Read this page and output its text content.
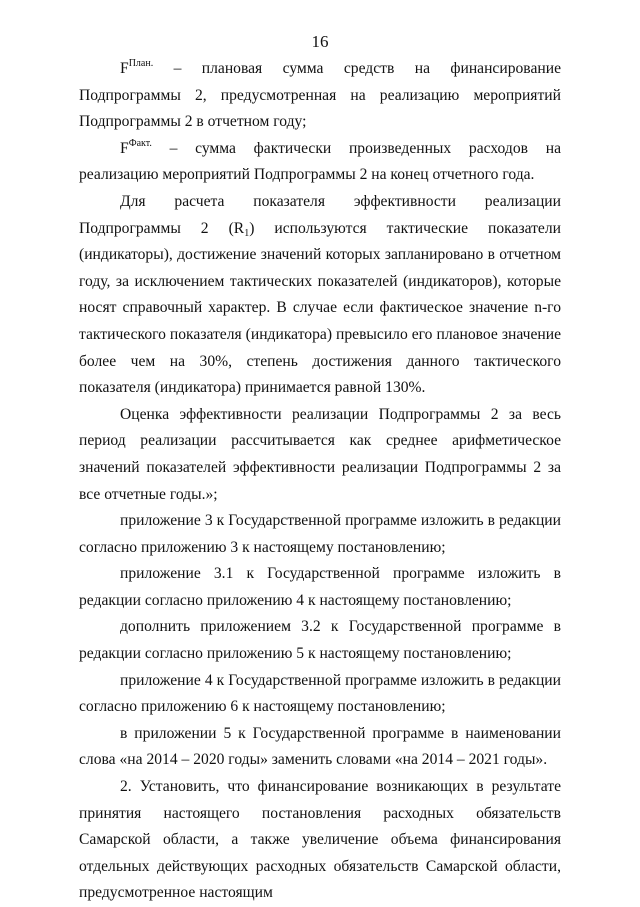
16

$F^{План.}$ – плановая сумма средств на финансирование Подпрограммы 2, предусмотренная на реализацию мероприятий Подпрограммы 2 в отчетном году;

$F^{Факт.}$ – сумма фактически произведенных расходов на реализацию мероприятий Подпрограммы 2 на конец отчетного года.

Для расчета показателя эффективности реализации Подпрограммы 2 $(R_1)$ используются тактические показатели (индикаторы), достижение значений которых запланировано в отчетном году, за исключением тактических показателей (индикаторов), которые носят справочный характер. В случае если фактическое значение n-го тактического показателя (индикатора) превысило его плановое значение более чем на 30%, степень достижения данного тактического показателя (индикатора) принимается равной 130%.

Оценка эффективности реализации Подпрограммы 2 за весь период реализации рассчитывается как среднее арифметическое значений показателей эффективности реализации Подпрограммы 2 за все отчетные годы.»;

приложение 3 к Государственной программе изложить в редакции согласно приложению 3 к настоящему постановлению;

приложение 3.1 к Государственной программе изложить в редакции согласно приложению 4 к настоящему постановлению;

дополнить приложением 3.2 к Государственной программе в редакции согласно приложению 5 к настоящему постановлению;

приложение 4 к Государственной программе изложить в редакции согласно приложению 6 к настоящему постановлению;

в приложении 5 к Государственной программе в наименовании слова «на 2014 – 2020 годы» заменить словами «на 2014 – 2021 годы».

2. Установить, что финансирование возникающих в результате принятия настоящего постановления расходных обязательств Самарской области, а также увеличение объема финансирования отдельных действующих расходных обязательств Самарской области, предусмотренное настоящим
